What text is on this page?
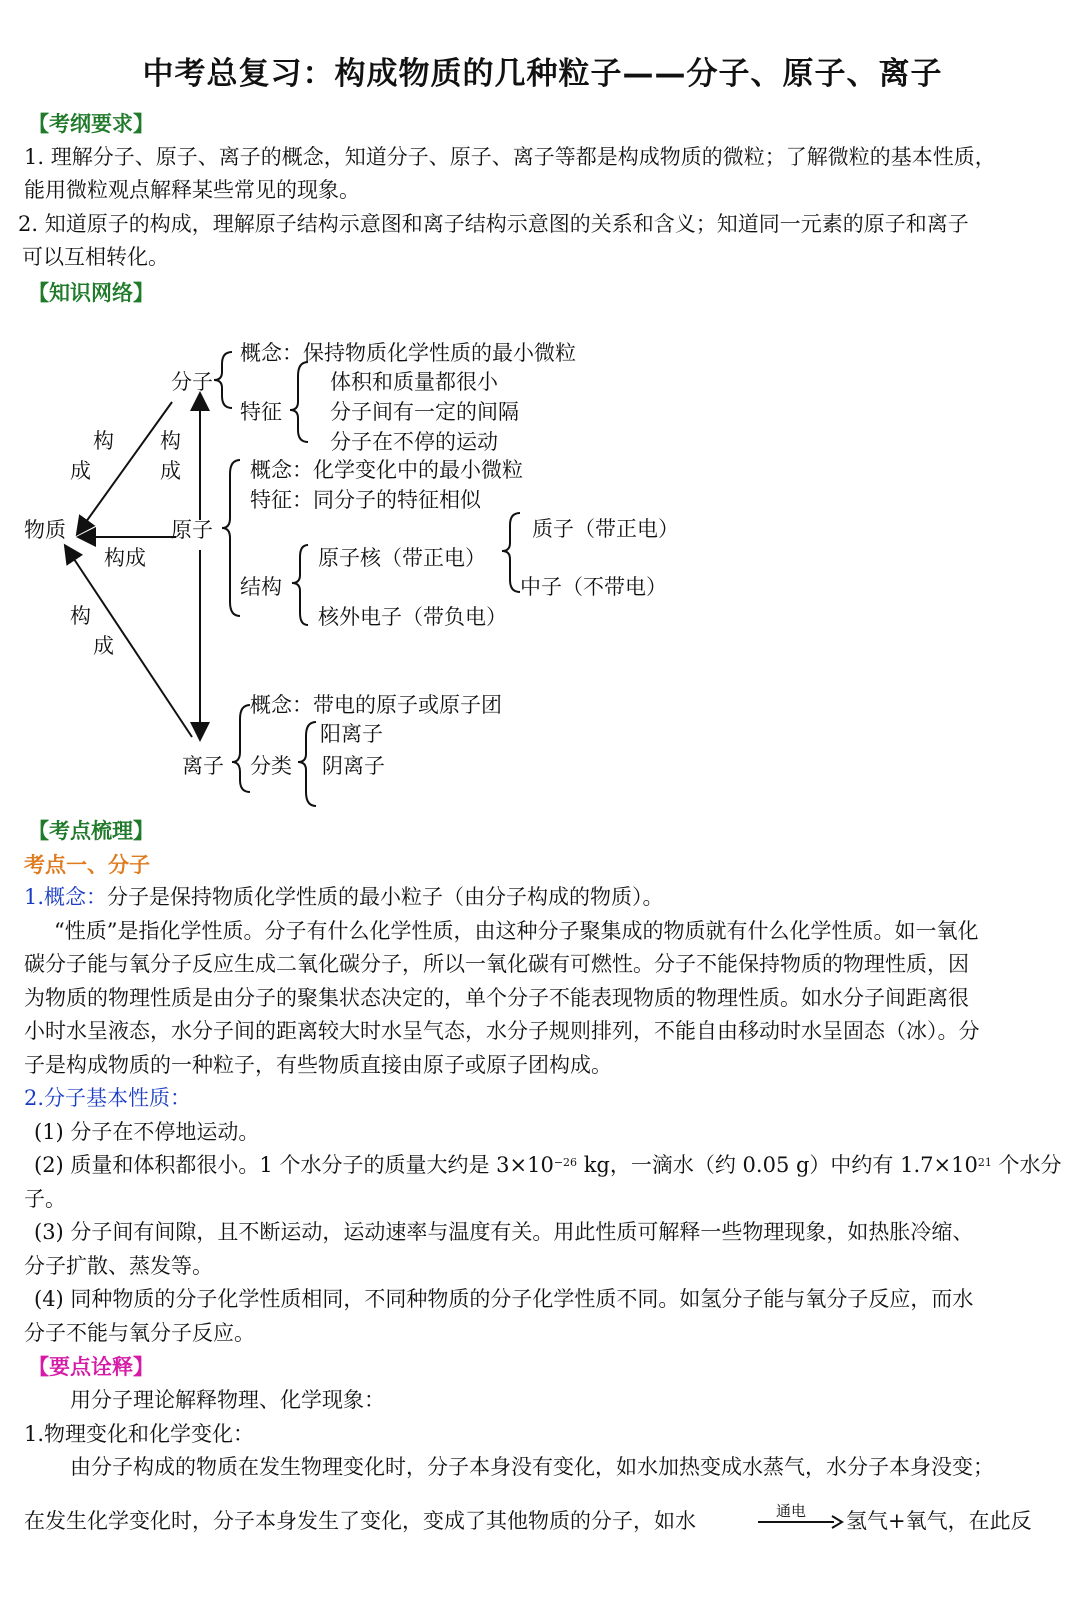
中考总复习：构成物质的几种粒子——分子、原子、离子
【考纲要求】
1. 理解分子、原子、离子的概念，知道分子、原子、离子等都是构成物质的微粒；了解微粒的基本性质，
能用微粒观点解释某些常见的现象。
2. 知道原子的构成，理解原子结构示意图和离子结构示意图的关系和含义；知道同一元素的原子和离子
可以互相转化。
【知识网络】
物质
分子
原子
离子
构
成
构
成
构成
构
成
概念：保持物质化学性质的最小微粒
特征
体积和质量都很小
分子间有一定的间隔
分子在不停的运动
概念：化学变化中的最小微粒
特征：同分子的特征相似
结构
原子核（带正电）
核外电子（带负电）
质子（带正电）
中子（不带电）
概念：带电的原子或原子团
分类
阳离子
阴离子
【考点梳理】
考点一、分子
1.概念：分子是保持物质化学性质的最小粒子（由分子构成的物质）。
“性质”是指化学性质。分子有什么化学性质，由这种分子聚集成的物质就有什么化学性质。如一氧化
碳分子能与氧分子反应生成二氧化碳分子，所以一氧化碳有可燃性。分子不能保持物质的物理性质，因
为物质的物理性质是由分子的聚集状态决定的，单个分子不能表现物质的物理性质。如水分子间距离很
小时水呈液态，水分子间的距离较大时水呈气态，水分子规则排列，不能自由移动时水呈固态（冰）。分
子是构成物质的一种粒子，有些物质直接由原子或原子团构成。
2.分子基本性质：
(1) 分子在不停地运动。
(2) 质量和体积都很小。1 个水分子的质量大约是 $3\times 10^{-26}$ kg，一滴水（约 0.05 g）中约有 $1.7\times 10^{21}$ 个水分
子。
(3) 分子间有间隙，且不断运动，运动速率与温度有关。用此性质可解释一些物理现象，如热胀冷缩、
分子扩散、蒸发等。
(4) 同种物质的分子化学性质相同，不同种物质的分子化学性质不同。如氢分子能与氧分子反应，而水
分子不能与氧分子反应。
【要点诠释】
用分子理论解释物理、化学现象：
1.物理变化和化学变化：
由分子构成的物质在发生物理变化时，分子本身没有变化，如水加热变成水蒸气，水分子本身没变；
在发生化学变化时，分子本身发生了变化，变成了其他物质的分子，如水	通电 氢气+氧气，在此反
